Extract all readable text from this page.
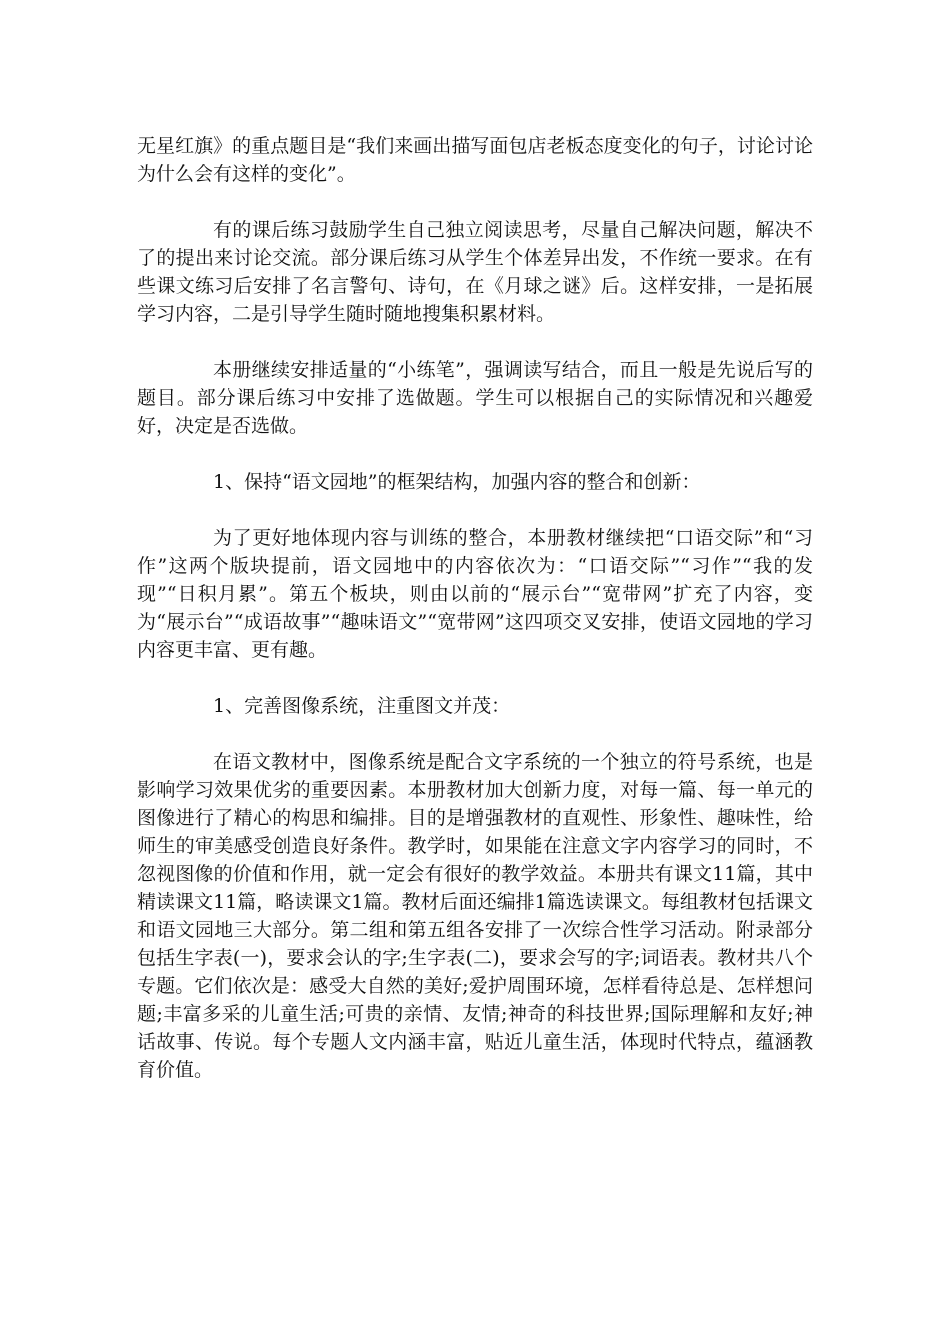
无星红旗》的重点题目是“我们来画出描写面包店老板态度变化的句子，讨论讨论为什么会有这样的变化”。

有的课后练习鼓励学生自己独立阅读思考，尽量自己解决问题，解决不了的提出来讨论交流。部分课后练习从学生个体差异出发，不作统一要求。在有些课文练习后安排了名言警句、诗句，在《月球之谜》后。这样安排，一是拓展学习内容，二是引导学生随时随地搜集积累材料。

本册继续安排适量的“小练笔”，强调读写结合，而且一般是先说后写的题目。部分课后练习中安排了选做题。学生可以根据自己的实际情况和兴趣爱好，决定是否选做。

1、保持“语文园地”的框架结构，加强内容的整合和创新：

为了更好地体现内容与训练的整合，本册教材继续把“口语交际”和“习作”这两个版块提前，语文园地中的内容依次为：“口语交际”“习作”“我的发现”“日积月累”。第五个板块，则由以前的“展示台”“宽带网”扩充了内容，变为“展示台”“成语故事”“趣味语文”“宽带网”这四项交叉安排，使语文园地的学习内容更丰富、更有趣。

1、完善图像系统，注重图文并茂：

在语文教材中，图像系统是配合文字系统的一个独立的符号系统，也是影响学习效果优劣的重要因素。本册教材加大创新力度，对每一篇、每一单元的图像进行了精心的构思和编排。目的是增强教材的直观性、形象性、趣味性，给师生的审美感受创造良好条件。教学时，如果能在注意文字内容学习的同时，不忽视图像的价值和作用，就一定会有很好的教学效益。本册共有课文11篇，其中精读课文11篇，略读课文1篇。教材后面还编排1篇选读课文。每组教材包括课文和语文园地三大部分。第二组和第五组各安排了一次综合性学习活动。附录部分包括生字表(一)，要求会认的字;生字表(二)，要求会写的字;词语表。教材共八个专题。它们依次是：感受大自然的美好;爱护周围环境，怎样看待总是、怎样想问题;丰富多采的儿童生活;可贵的亲情、友情;神奇的科技世界;国际理解和友好;神话故事、传说。每个专题人文内涵丰富，贴近儿童生活，体现时代特点，蕴涵教育价值。
